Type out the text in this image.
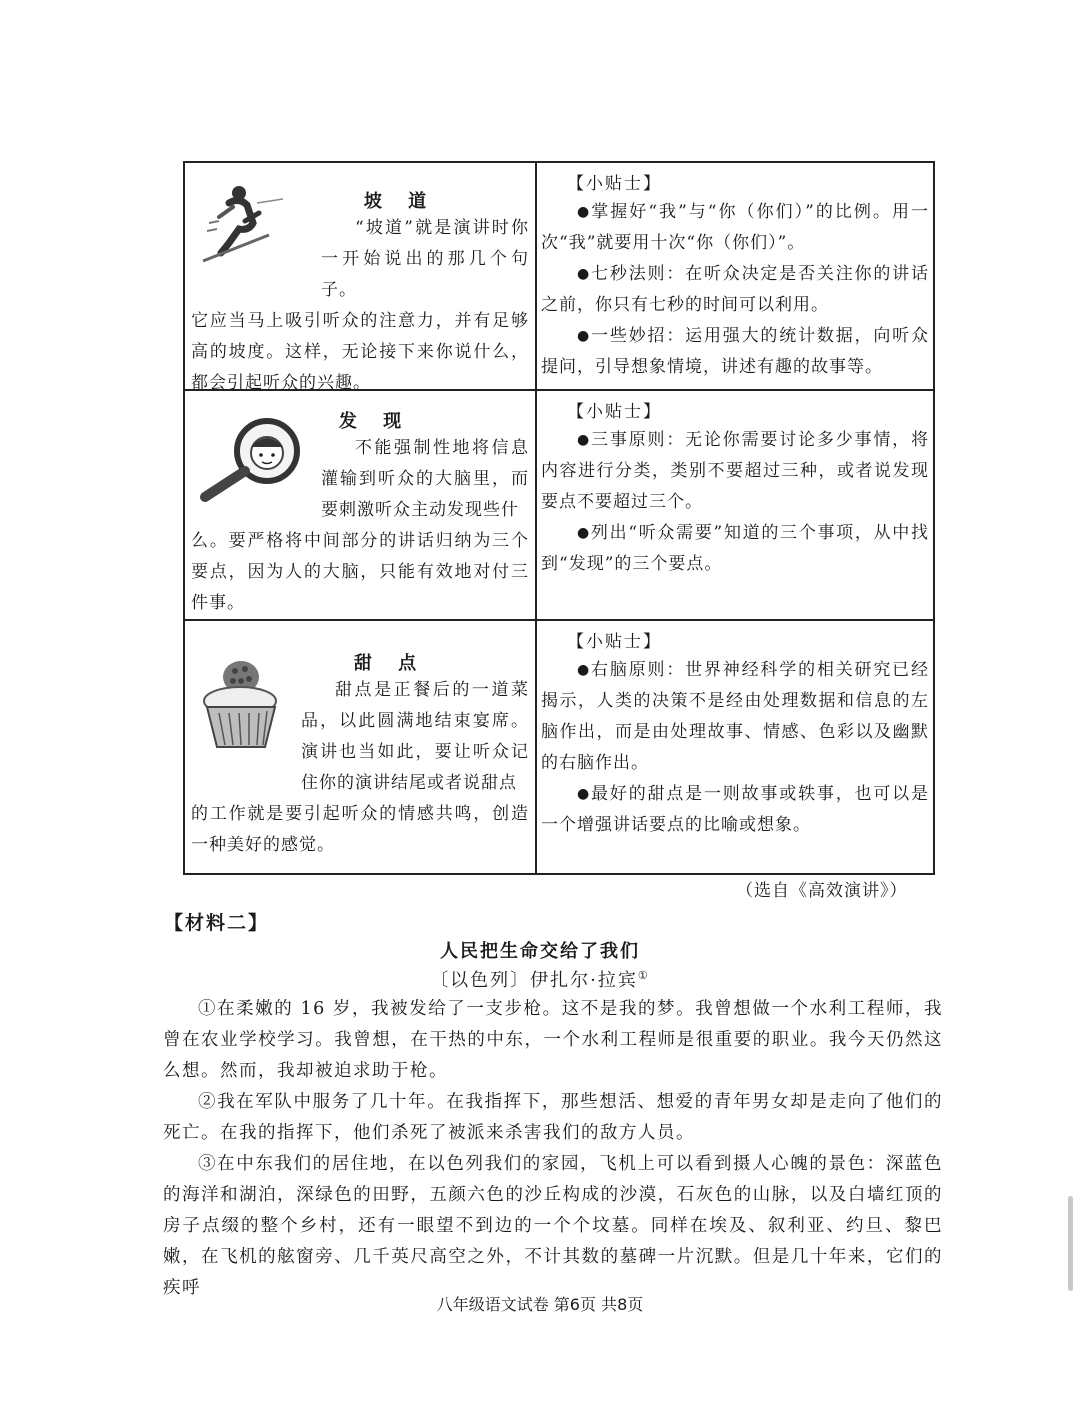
坡 道

“坡道”就是演讲时你一开始说出的那几个句子。

它应当马上吸引听众的注意力，并有足够高的坡度。这样，无论接下来你说什么，都会引起听众的兴趣。

【小贴士】

●掌握好“我”与“你（你们）”的比例。用一次“我”就要用十次“你（你们）”。

●七秒法则：在听众决定是否关注你的讲话之前，你只有七秒的时间可以利用。

●一些妙招：运用强大的统计数据，向听众提问，引导想象情境，讲述有趣的故事等。

发 现

不能强制性地将信息灌输到听众的大脑里，而要刺激听众主动发现些什

么。要严格将中间部分的讲话归纳为三个要点，因为人的大脑，只能有效地对付三件事。

【小贴士】

●三事原则：无论你需要讨论多少事情，将内容进行分类，类别不要超过三种，或者说发现要点不要超过三个。

●列出“听众需要”知道的三个事项，从中找到“发现”的三个要点。

甜 点

甜点是正餐后的一道菜品，以此圆满地结束宴席。演讲也当如此，要让听众记住你的演讲结尾或者说甜点

的工作就是要引起听众的情感共鸣，创造一种美好的感觉。

【小贴士】

●右脑原则：世界神经科学的相关研究已经揭示，人类的决策不是经由处理数据和信息的左脑作出，而是由处理故事、情感、色彩以及幽默的右脑作出。

●最好的甜点是一则故事或轶事，也可以是一个增强讲话要点的比喻或想象。

（选自《高效演讲》）
【材料二】
人民把生命交给了我们
〔以色列〕伊扎尔·拉宾①

①在柔嫩的 16 岁，我被发给了一支步枪。这不是我的梦。我曾想做一个水利工程师，我曾在农业学校学习。我曾想，在干热的中东，一个水利工程师是很重要的职业。我今天仍然这么想。然而，我却被迫求助于枪。

②我在军队中服务了几十年。在我指挥下，那些想活、想爱的青年男女却是走向了他们的死亡。在我的指挥下，他们杀死了被派来杀害我们的敌方人员。

③在中东我们的居住地，在以色列我们的家园，飞机上可以看到摄人心魄的景色：深蓝色的海洋和湖泊，深绿色的田野，五颜六色的沙丘构成的沙漠，石灰色的山脉，以及白墙红顶的房子点缀的整个乡村，还有一眼望不到边的一个个坟墓。同样在埃及、叙利亚、约旦、黎巴嫩，在飞机的舷窗旁、几千英尺高空之外，不计其数的墓碑一片沉默。但是几十年来，它们的疾呼

八年级语文试卷 第6页 共8页
